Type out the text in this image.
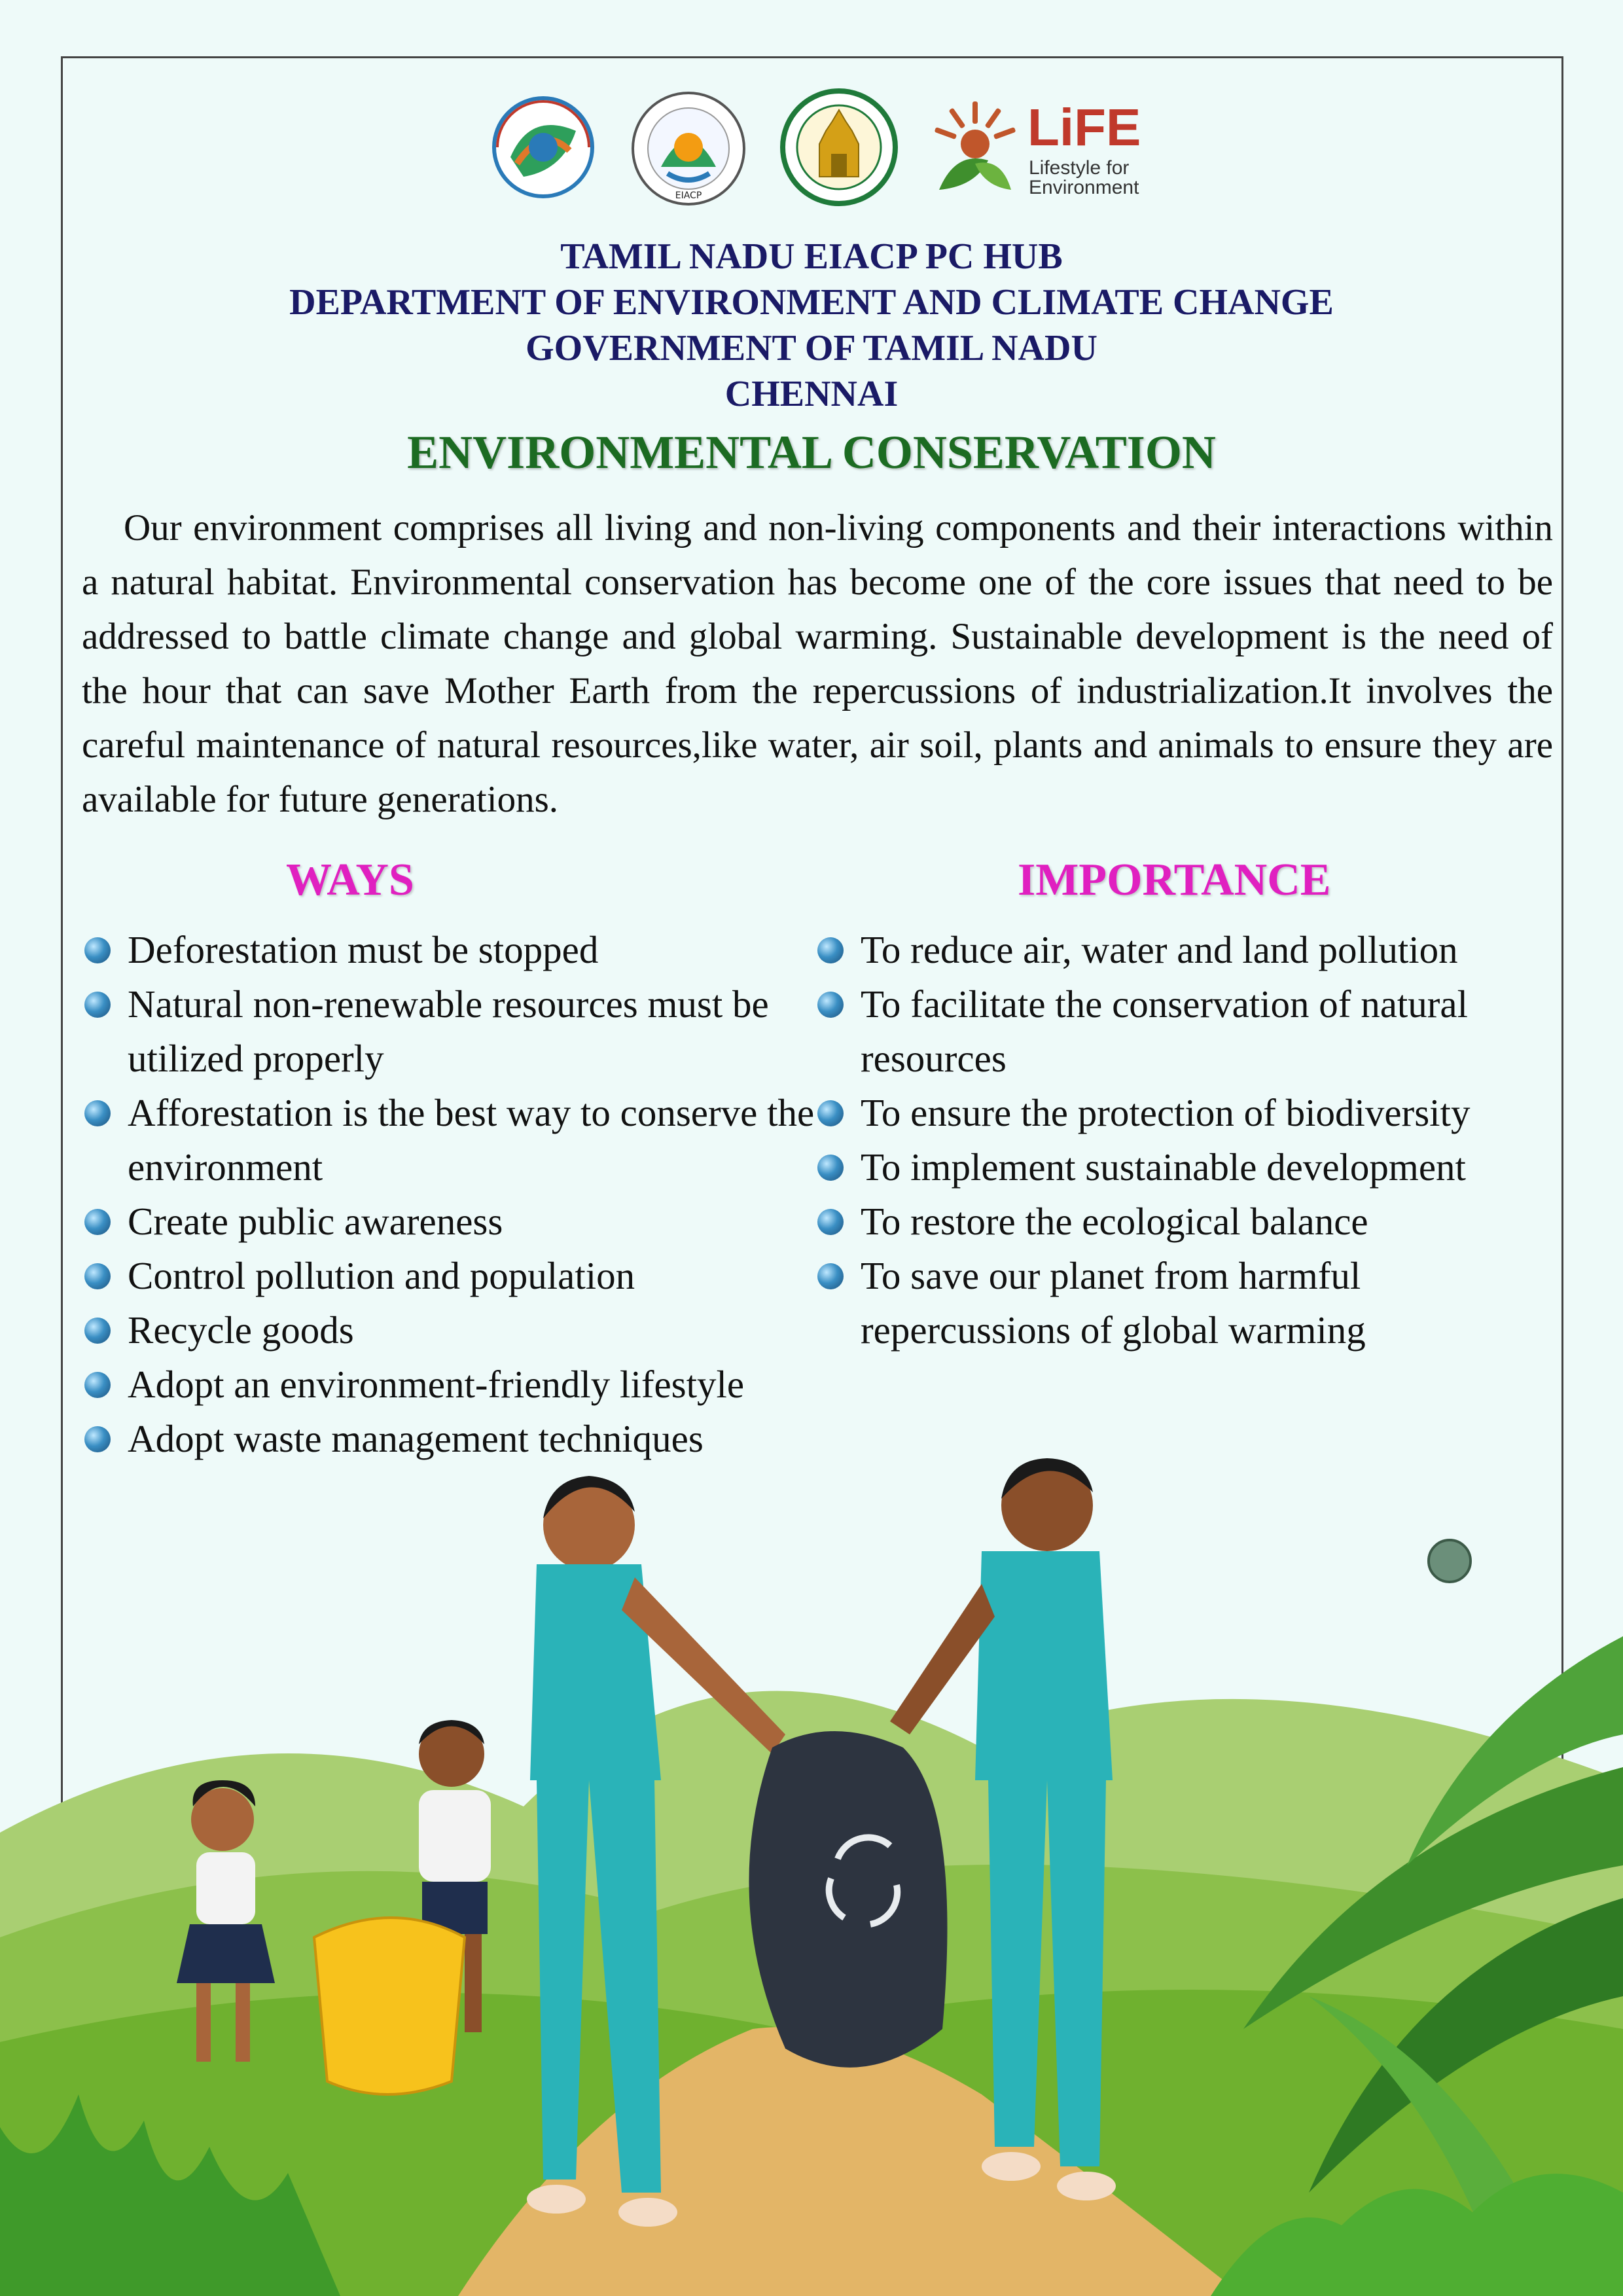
EIACP
LiFE
Lifestyle for
Environment
TAMIL NADU EIACP PC HUB
DEPARTMENT OF ENVIRONMENT AND CLIMATE CHANGE
GOVERNMENT OF TAMIL NADU
CHENNAI
ENVIRONMENTAL CONSERVATION
Our environment comprises all living and non-living components and their interactions within a natural habitat. Environmental conservation has become one of the core issues that need to be addressed to battle climate change and global warming. Sustainable development is the need of the hour that can save Mother Earth from the repercussions of industrialization.It involves the careful maintenance of natural resources,like water, air soil, plants and animals to ensure they are available for future generations.
WAYS	IMPORTANCE
Deforestation must be stopped
Natural non-renewable resources must be utilized properly
Afforestation is the best way to conserve the environment
Create public awareness
Control pollution and population
Recycle goods
Adopt an environment-friendly lifestyle
Adopt waste management techniques
To reduce air, water and land pollution
To facilitate the conservation of natural resources
To ensure the protection of biodiversity
To implement sustainable development
To restore the ecological balance
To save our planet from harmful repercussions of global warming
